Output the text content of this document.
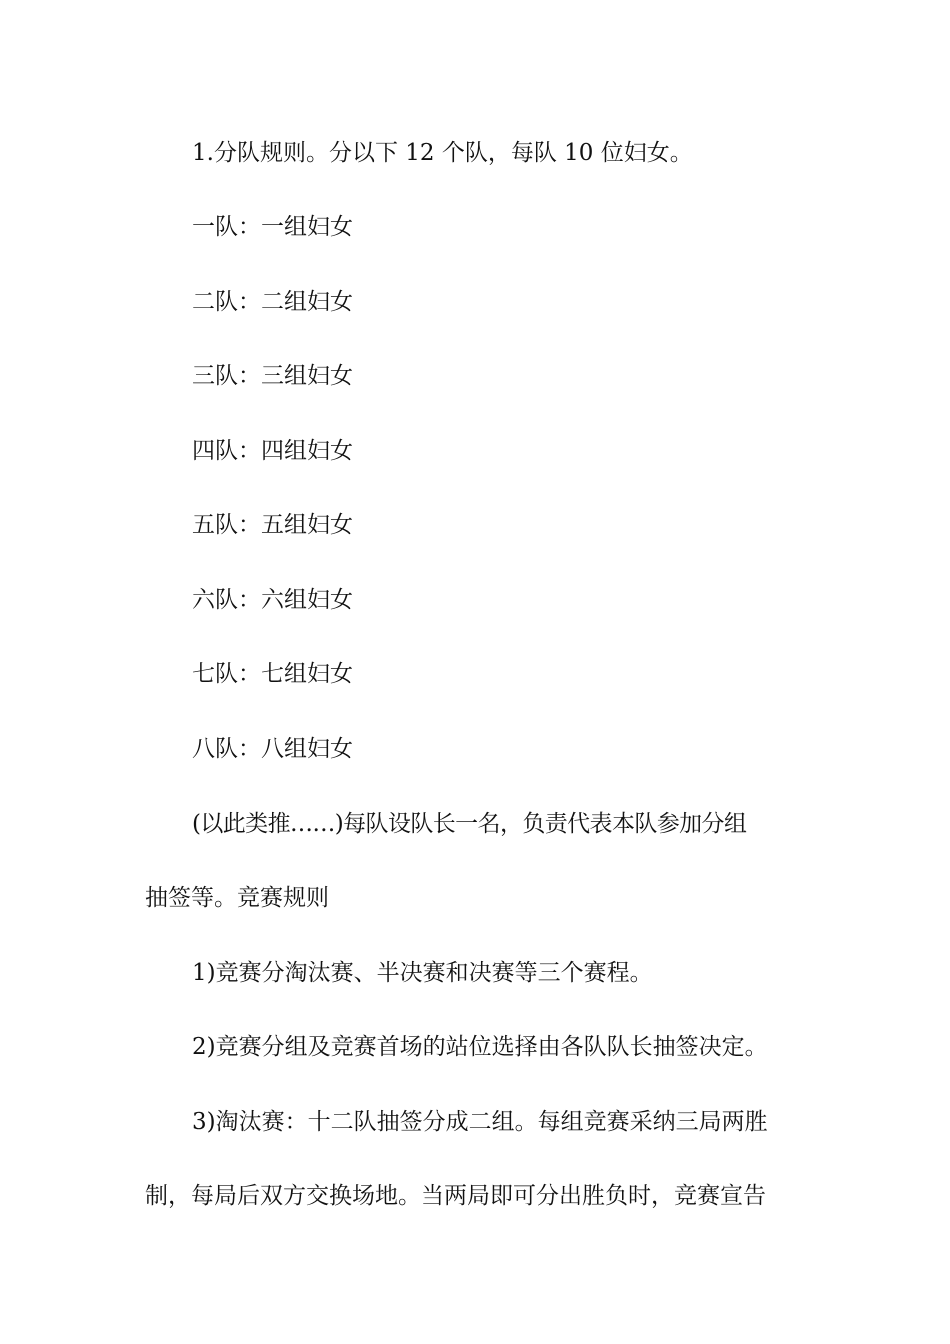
1.分队规则。分以下 12 个队，每队 10 位妇女。

一队：一组妇女

二队：二组妇女

三队：三组妇女

四队：四组妇女

五队：五组妇女

六队：六组妇女

七队：七组妇女

八队：八组妇女

(以此类推……)每队设队长一名，负责代表本队参加分组

抽签等。竞赛规则

1)竞赛分淘汰赛、半决赛和决赛等三个赛程。

2)竞赛分组及竞赛首场的站位选择由各队队长抽签决定。

3)淘汰赛：十二队抽签分成二组。每组竞赛采纳三局两胜

制，每局后双方交换场地。当两局即可分出胜负时，竞赛宣告
